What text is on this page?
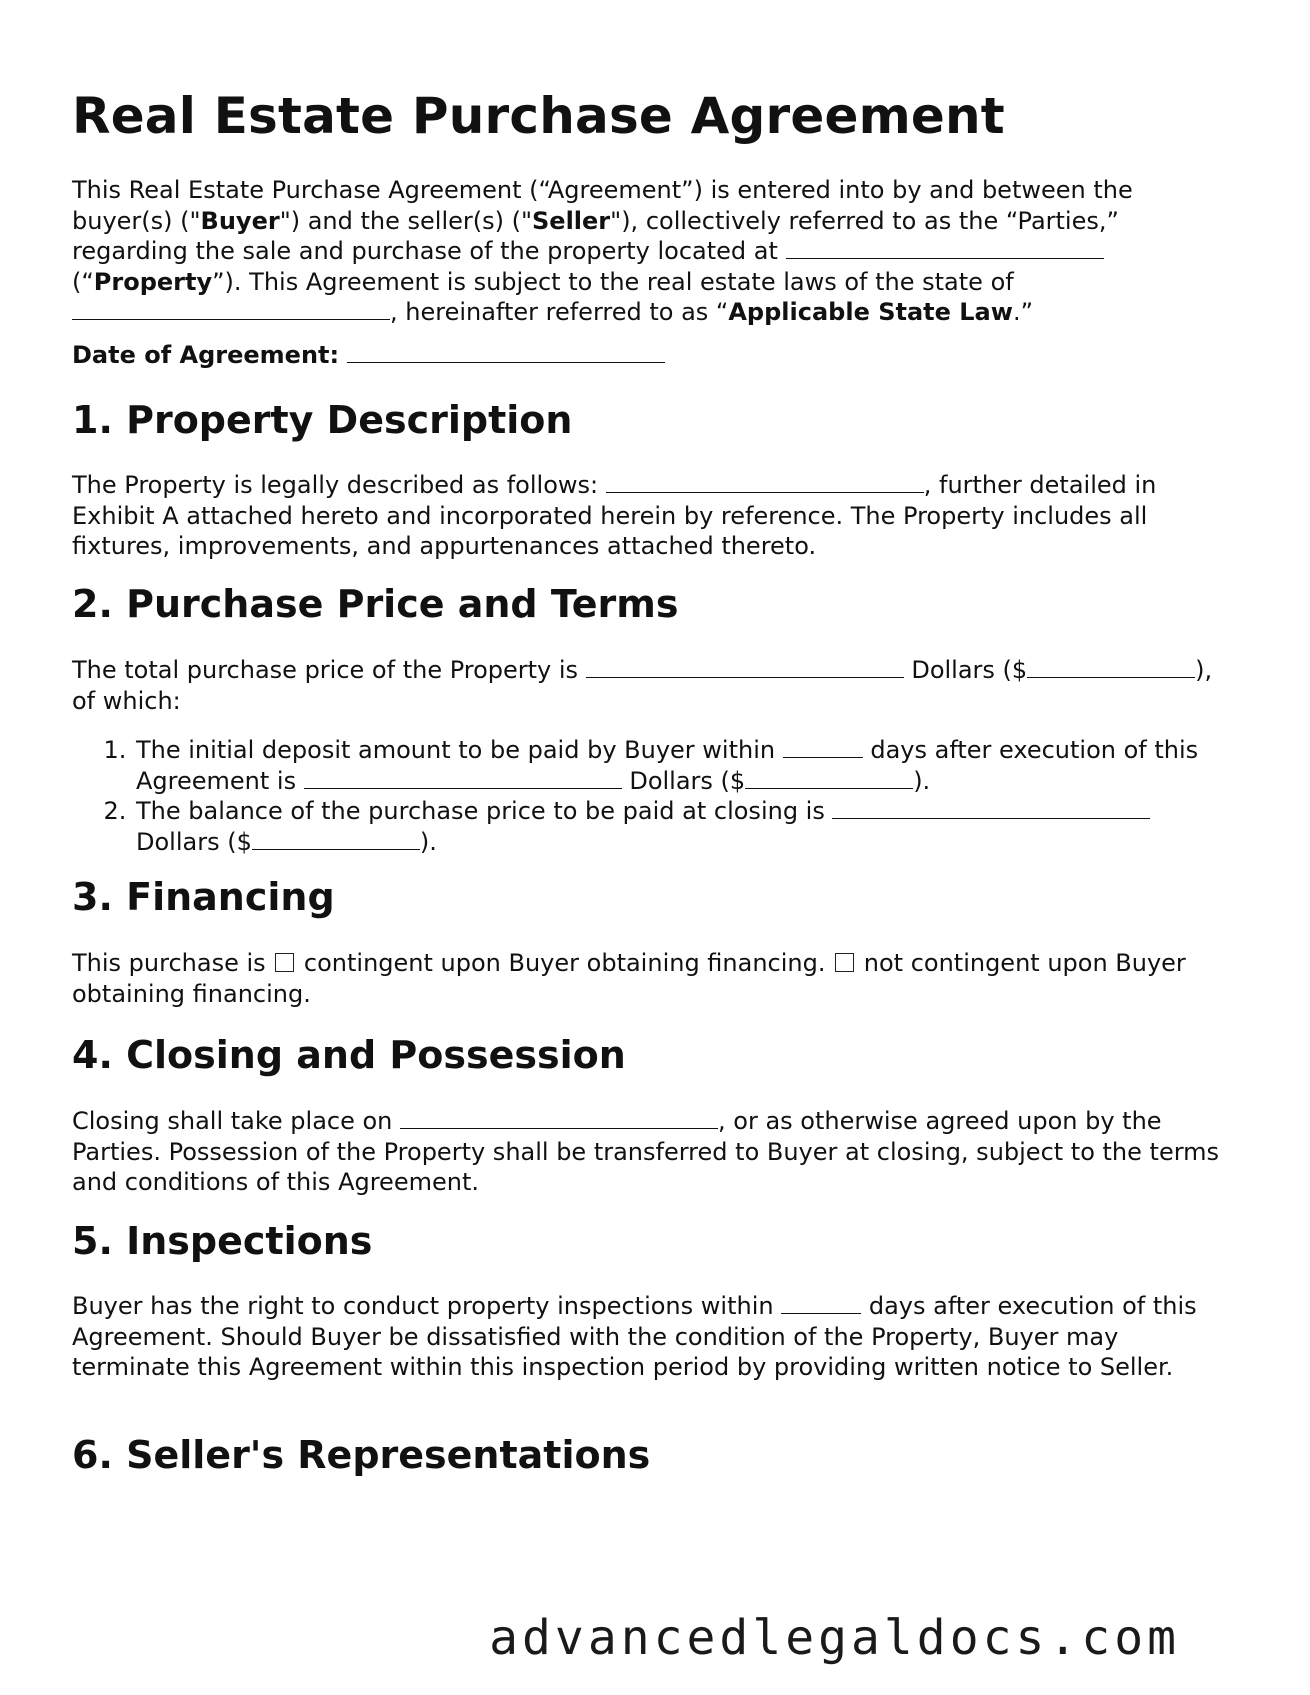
Real Estate Purchase Agreement

This Real Estate Purchase Agreement (“Agreement”) is entered into by and between the buyer(s) ("Buyer") and the seller(s) ("Seller"), collectively referred to as the “Parties,” regarding the sale and purchase of the property located at  (“Property”). This Agreement is subject to the real estate laws of the state of , hereinafter referred to as “Applicable State Law.”

Date of Agreement:

1. Property Description

The Property is legally described as follows:	, further detailed in Exhibit A attached hereto and incorporated herein by reference. The Property includes all fixtures, improvements, and appurtenances attached thereto.

2. Purchase Price and Terms

The total purchase price of the Property is	Dollars ($	), of which:

1. The initial deposit amount to be paid by Buyer within	days after execution of this Agreement is	Dollars ($	).
2. The balance of the purchase price to be paid at closing is  Dollars ($	).
3. Financing

This purchase is  contingent upon Buyer obtaining financing.  not contingent upon Buyer obtaining financing.

4. Closing and Possession

Closing shall take place on	, or as otherwise agreed upon by the Parties. Possession of the Property shall be transferred to Buyer at closing, subject to the terms and conditions of this Agreement.

5. Inspections

Buyer has the right to conduct property inspections within	days after execution of this Agreement. Should Buyer be dissatisfied with the condition of the Property, Buyer may terminate this Agreement within this inspection period by providing written notice to Seller.

6. Seller's Representations
advancedlegaldocs.com
